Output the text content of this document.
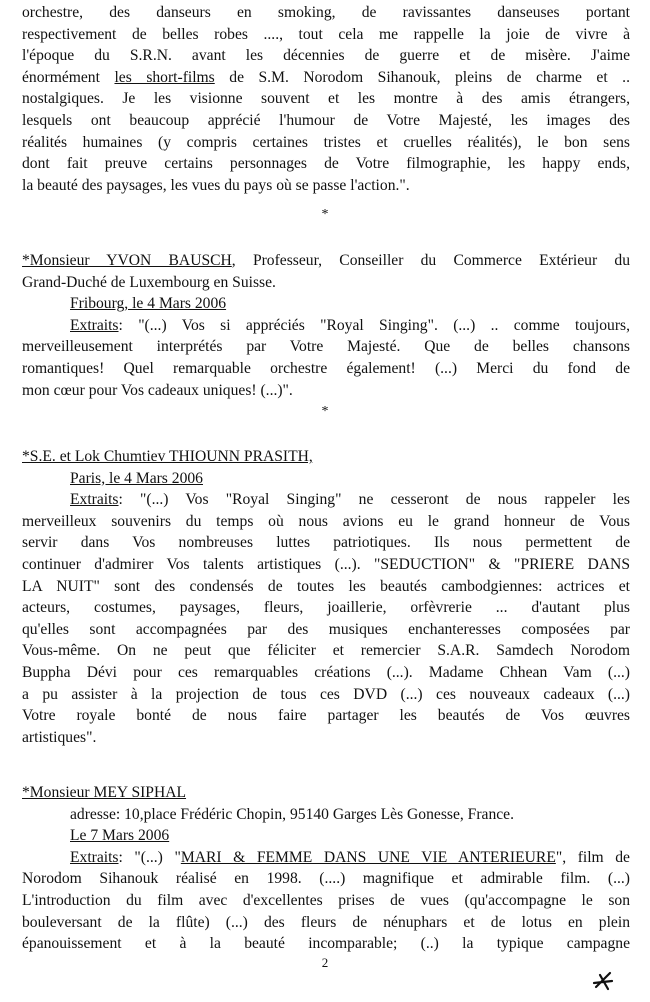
orchestre, des danseurs en smoking, de ravissantes danseuses portant

respectivement de belles robes ...., tout cela me rappelle la joie de vivre à

l'époque du S.R.N. avant les décennies de guerre et de misère. J'aime

énormément les short-films de S.M. Norodom Sihanouk, pleins de charme et ..

nostalgiques. Je les visionne souvent et les montre à des amis étrangers,

lesquels ont beaucoup apprécié l'humour de Votre Majesté, les images des

réalités humaines (y compris certaines tristes et cruelles réalités), le bon sens

dont fait preuve certains personnages de Votre filmographie, les happy ends,

la beauté des paysages, les vues du pays où se passe l'action.".

*

*Monsieur YVON BAUSCH, Professeur, Conseiller du Commerce Extérieur du

Grand-Duché de Luxembourg en Suisse.

Fribourg, le 4 Mars 2006

Extraits: "(...) Vos si appréciés "Royal Singing". (...) .. comme toujours,

merveilleusement interprétés par Votre Majesté. Que de belles chansons

romantiques! Quel remarquable orchestre également! (...) Merci du fond de

mon cœur pour Vos cadeaux uniques! (...)".

*

*S.E. et Lok Chumtiev THIOUNN PRASITH,

Paris, le 4 Mars 2006

Extraits: "(...) Vos "Royal Singing" ne cesseront de nous rappeler les

merveilleux souvenirs du temps où nous avions eu le grand honneur de Vous

servir dans Vos nombreuses luttes patriotiques. Ils nous permettent de

continuer d'admirer Vos talents artistiques (...). "SEDUCTION" & "PRIERE DANS

LA NUIT" sont des condensés de toutes les beautés cambodgiennes: actrices et

acteurs, costumes, paysages, fleurs, joaillerie, orfèvrerie ... d'autant plus

qu'elles sont accompagnées par des musiques enchanteresses composées par

Vous-même. On ne peut que féliciter et remercier S.A.R. Samdech Norodom

Buppha Dévi pour ces remarquables créations (...). Madame Chhean Vam (...)

a pu assister à la projection de tous ces DVD (...) ces nouveaux cadeaux (...)

Votre royale bonté de nous faire partager les beautés de Vos œuvres

artistiques".

*Monsieur MEY SIPHAL

adresse: 10,place Frédéric Chopin, 95140 Garges Lès Gonesse, France.

Le 7 Mars 2006

Extraits: "(...) "MARI & FEMME DANS UNE VIE ANTERIEURE", film de

Norodom Sihanouk réalisé en 1998. (....) magnifique et admirable film. (...)

L'introduction du film avec d'excellentes prises de vues (qu'accompagne le son

bouleversant de la flûte) (...) des fleurs de nénuphars et de lotus en plein

épanouissement et à la beauté incomparable; (..) la typique campagne

2
